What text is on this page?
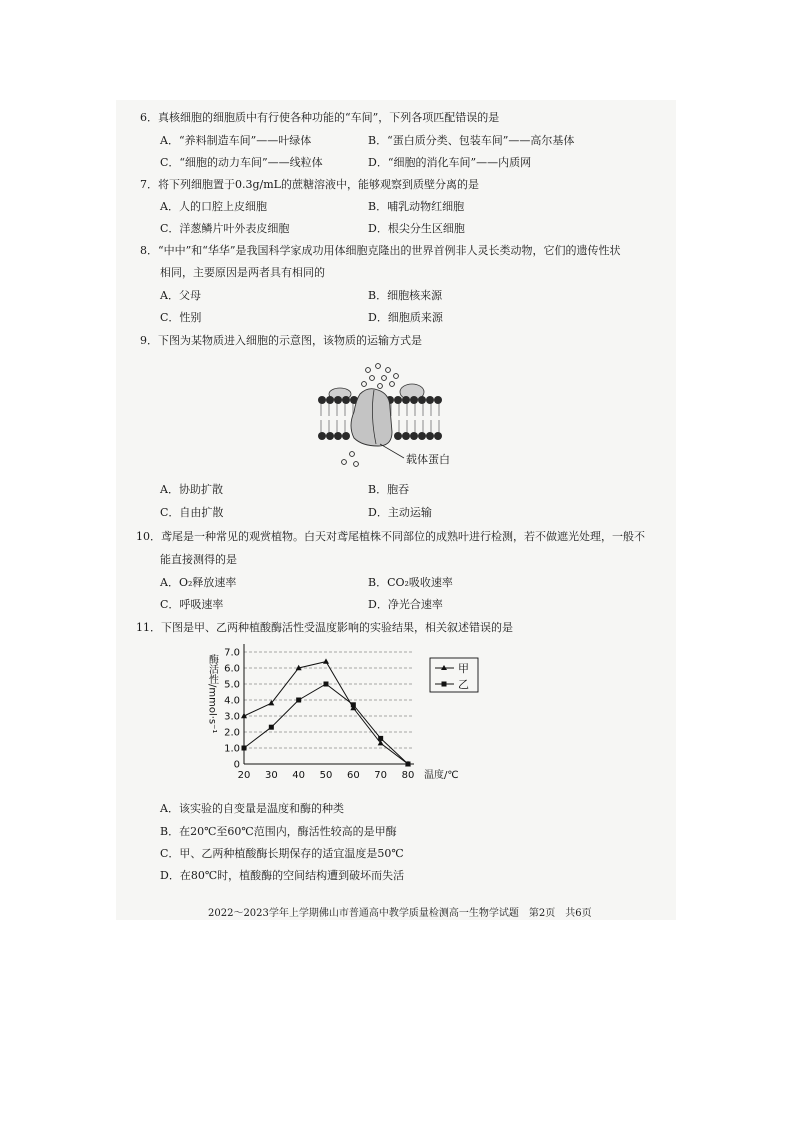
6．真核细胞的细胞质中有行使各种功能的“车间”，下列各项匹配错误的是
A．“养料制造车间”——叶绿体	B．“蛋白质分类、包装车间”——高尔基体
C．“细胞的动力车间”——线粒体	D．“细胞的消化车间”——内质网
7．将下列细胞置于0.3g/mL的蔗糖溶液中，能够观察到质壁分离的是
A．人的口腔上皮细胞	B．哺乳动物红细胞
C．洋葱鳞片叶外表皮细胞	D．根尖分生区细胞
8．“中中”和“华华”是我国科学家成功用体细胞克隆出的世界首例非人灵长类动物，它们的遗传性状
相同，主要原因是两者具有相同的
A．父母	B．细胞核来源
C．性别	D．细胞质来源
9．下图为某物质进入细胞的示意图，该物质的运输方式是
载体蛋白
A．协助扩散	B．胞吞
C．自由扩散	D．主动运输
10．鸢尾是一种常见的观赏植物。白天对鸢尾植株不同部位的成熟叶进行检测，若不做遮光处理，一般不
能直接测得的是
A．O₂释放速率	B．CO₂吸收速率
C．呼吸速率	D．净光合速率
11．下图是甲、乙两种植酸酶活性受温度影响的实验结果，相关叙述错误的是
0
1.0
2.0
3.0
4.0
5.0
6.0
7.0
20 30 40 50 60 70 80
酶活性/mmol·s⁻¹
温度/℃
甲
乙
A．该实验的自变量是温度和酶的种类
B．在20℃至60℃范围内，酶活性较高的是甲酶
C．甲、乙两种植酸酶长期保存的适宜温度是50℃
D．在80℃时，植酸酶的空间结构遭到破坏而失活
2022～2023学年上学期佛山市普通高中教学质量检测高一生物学试题　第2页　共6页
